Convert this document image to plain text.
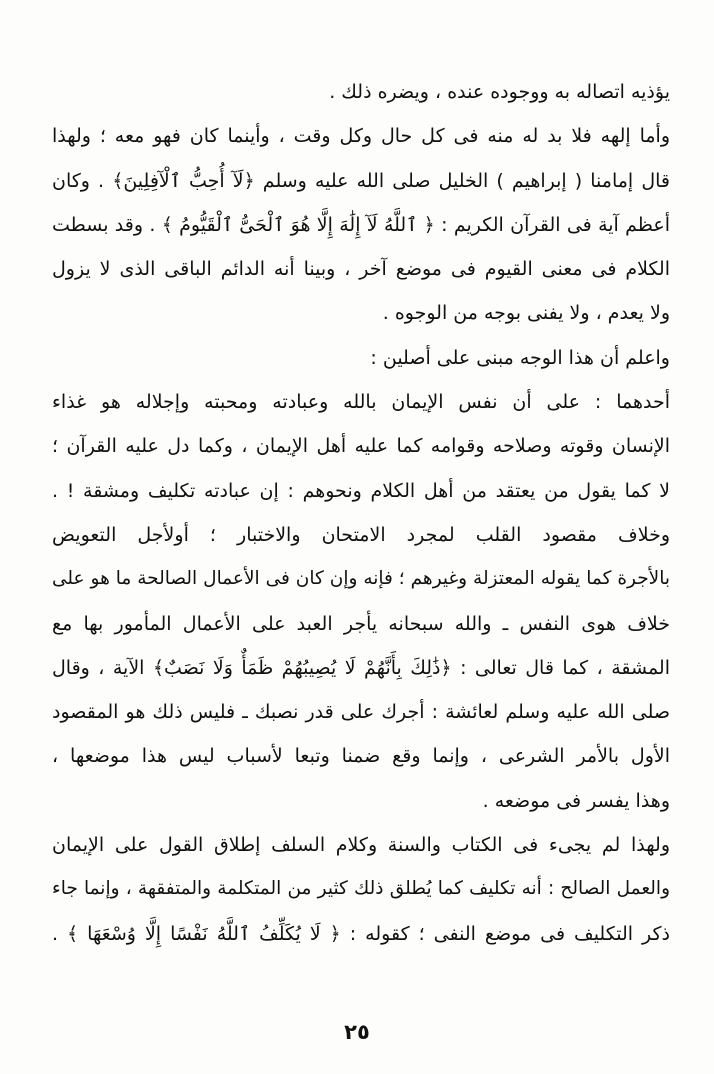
يؤذيه اتصاله به ووجوده عنده ، ويضره ذلك .
وأما إلهه فلا بد له منه فى كل حال وكل وقت ، وأينما كان فهو معه ؛ ولهذا
قال إمامنا ( إبراهيم ) الخليل صلى الله عليه وسلم ﴿لَآ أُحِبُّ ٱلْآفِلِينَ﴾ . وكان
أعظم آية فى القرآن الكريم : ﴿ ٱللَّهُ لَآ إِلَٰهَ إِلَّا هُوَ ٱلْحَىُّ ٱلْقَيُّومُ ﴾ . وقد بسطت
الكلام فى معنى القيوم فى موضع آخر ، وبينا أنه الدائم الباقى الذى لا يزول
ولا يعدم ، ولا يفنى بوجه من الوجوه .
واعلم أن هذا الوجه مبنى على أصلين :
أحدهما : على أن نفس الإيمان بالله وعبادته ومحبته وإجلاله هو غذاء
الإنسان وقوته وصلاحه وقوامه كما عليه أهل الإيمان ، وكما دل عليه القرآن ؛
لا كما يقول من يعتقد من أهل الكلام ونحوهم : إن عبادته تكليف ومشقة ! .
وخلاف مقصود القلب لمجرد الامتحان والاختبار ؛ أولأجل التعويض
بالأجرة كما يقوله المعتزلة وغيرهم ؛ فإنه وإن كان فى الأعمال الصالحة ما هو على
خلاف هوى النفس ـ والله سبحانه يأجر العبد على الأعمال المأمور بها مع
المشقة ، كما قال تعالى : ﴿ذَٰلِكَ بِأَنَّهُمْ لَا يُصِيبُهُمْ ظَمَأٌ وَلَا نَصَبٌ﴾ الآية ، وقال
صلى الله عليه وسلم لعائشة : أجرك على قدر نصبك ـ فليس ذلك هو المقصود
الأول بالأمر الشرعى ، وإنما وقع ضمنا وتبعا لأسباب ليس هذا موضعها ،
وهذا يفسر فى موضعه .
ولهذا لم يجىء فى الكتاب والسنة وكلام السلف إطلاق القول على الإيمان
والعمل الصالح : أنه تكليف كما يُطلق ذلك كثير من المتكلمة والمتفقهة ، وإنما جاء
ذكر التكليف فى موضع النفى ؛ كقوله : ﴿ لَا يُكَلِّفُ ٱللَّهُ نَفْسًا إِلَّا وُسْعَهَا ﴾ .
٢٥
